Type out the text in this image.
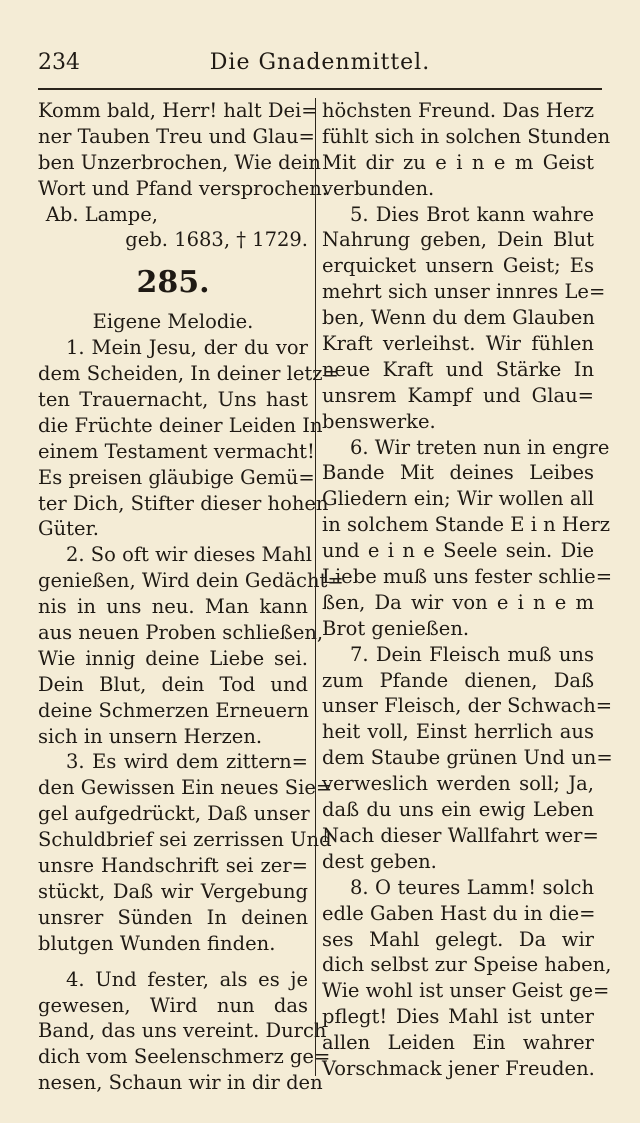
234	Die Gnadenmittel.
Komm bald, Herr! halt Dei=
ner Tauben Treu und Glau=
ben Unzerbrochen, Wie dein
Wort und Pfand versprochen.
Ab. Lampe,
geb. 1683, † 1729.
285.
Eigene Melodie.
1. Mein Jesu, der du vor
dem Scheiden, In deiner letz=
ten Trauernacht, Uns hast
die Früchte deiner Leiden In
einem Testament vermacht!
Es preisen gläubige Gemü=
ter Dich, Stifter dieser hohen
Güter.
2. So oft wir dieses Mahl
genießen, Wird dein Gedächt=
nis in uns neu. Man kann
aus neuen Proben schließen,
Wie innig deine Liebe sei.
Dein Blut, dein Tod und
deine Schmerzen Erneuern
sich in unsern Herzen.
3. Es wird dem zittern=
den Gewissen Ein neues Sie=
gel aufgedrückt, Daß unser
Schuldbrief sei zerrissen Und
unsre Handschrift sei zer=
stückt, Daß wir Vergebung
unsrer Sünden In deinen
blutgen Wunden finden.
4. Und fester, als es je
gewesen, Wird nun das
Band, das uns vereint. Durch
dich vom Seelenschmerz ge=
nesen, Schaun wir in dir den
höchsten Freund. Das Herz
fühlt sich in solchen Stunden
Mit dir zu e i n e m Geist
verbunden.
5. Dies Brot kann wahre
Nahrung geben, Dein Blut
erquicket unsern Geist; Es
mehrt sich unser innres Le=
ben, Wenn du dem Glauben
Kraft verleihst. Wir fühlen
neue Kraft und Stärke In
unsrem Kampf und Glau=
benswerke.
6. Wir treten nun in engre
Bande Mit deines Leibes
Gliedern ein; Wir wollen all
in solchem Stande E i n Herz
und e i n e Seele sein. Die
Liebe muß uns fester schlie=
ßen, Da wir von e i n e m
Brot genießen.
7. Dein Fleisch muß uns
zum Pfande dienen, Daß
unser Fleisch, der Schwach=
heit voll, Einst herrlich aus
dem Staube grünen Und un=
verweslich werden soll; Ja,
daß du uns ein ewig Leben
Nach dieser Wallfahrt wer=
dest geben.
8. O teures Lamm! solch
edle Gaben Hast du in die=
ses Mahl gelegt. Da wir
dich selbst zur Speise haben,
Wie wohl ist unser Geist ge=
pflegt! Dies Mahl ist unter
allen Leiden Ein wahrer
Vorschmack jener Freuden.
